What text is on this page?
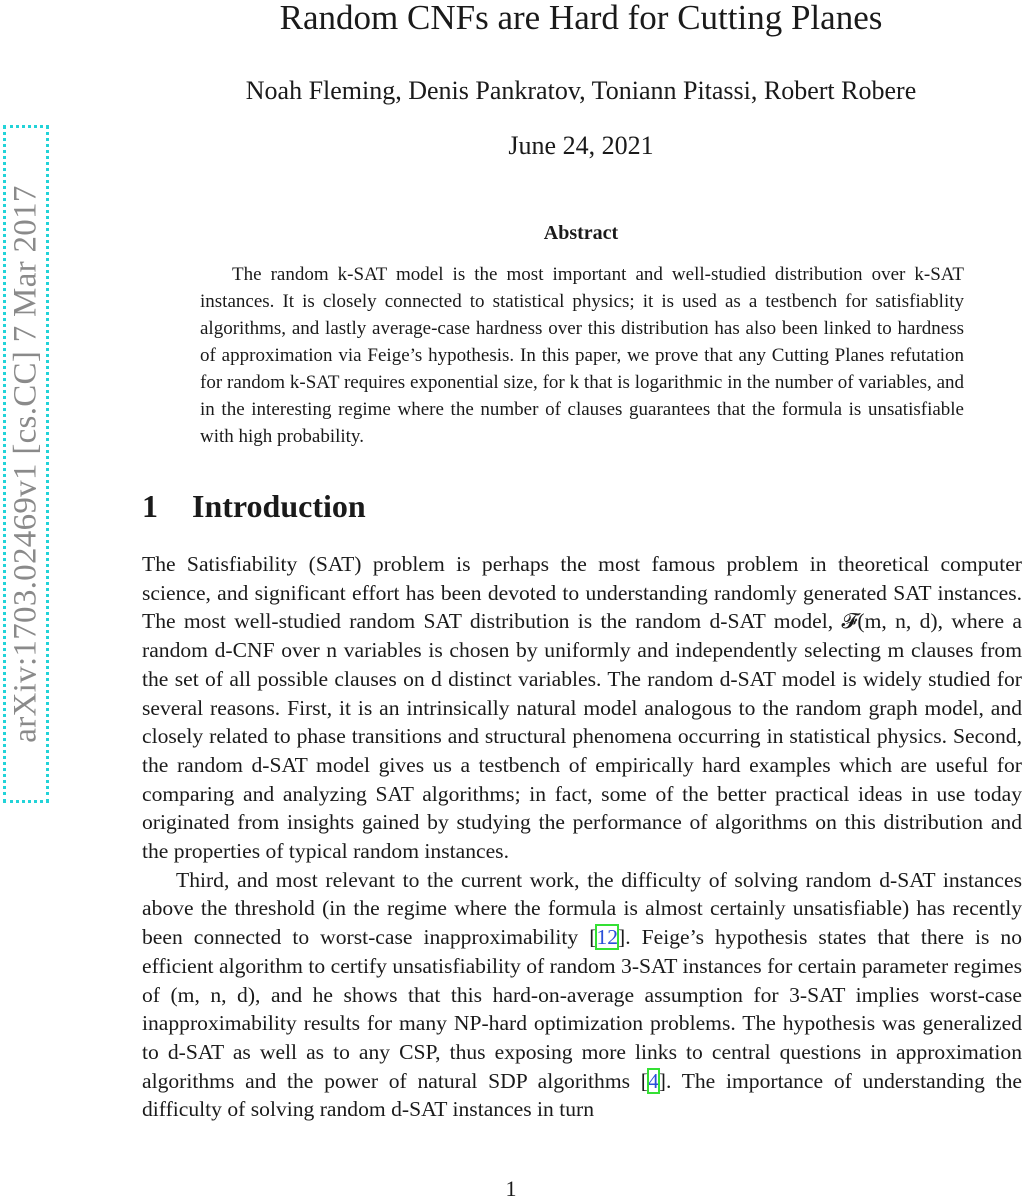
arXiv:1703.02469v1 [cs.CC] 7 Mar 2017
Random CNFs are Hard for Cutting Planes
Noah Fleming, Denis Pankratov, Toniann Pitassi, Robert Robere
June 24, 2021
Abstract

The random k-SAT model is the most important and well-studied distribution over k-SAT instances. It is closely connected to statistical physics; it is used as a testbench for satisfiablity algorithms, and lastly average-case hardness over this distribution has also been linked to hardness of approximation via Feige’s hypothesis. In this paper, we prove that any Cutting Planes refutation for random k-SAT requires exponential size, for k that is logarithmic in the number of variables, and in the interesting regime where the number of clauses guarantees that the formula is unsatisfiable with high probability.

1 Introduction

The Satisfiability (SAT) problem is perhaps the most famous problem in theoretical computer science, and significant effort has been devoted to understanding randomly generated SAT instances. The most well-studied random SAT distribution is the random d-SAT model, 𝓕(m, n, d), where a random d-CNF over n variables is chosen by uniformly and independently selecting m clauses from the set of all possible clauses on d distinct variables. The random d-SAT model is widely studied for several reasons. First, it is an intrinsically natural model analogous to the random graph model, and closely related to phase transitions and structural phenomena occurring in statistical physics. Second, the random d-SAT model gives us a testbench of empirically hard examples which are useful for comparing and analyzing SAT algorithms; in fact, some of the better practical ideas in use today originated from insights gained by studying the performance of algorithms on this distribution and the properties of typical random instances.

Third, and most relevant to the current work, the difficulty of solving random d-SAT instances above the threshold (in the regime where the formula is almost certainly unsatisfiable) has recently been connected to worst-case inapproximability [12]. Feige’s hypothesis states that there is no efficient algorithm to certify unsatisfiability of random 3-SAT instances for certain parameter regimes of (m, n, d), and he shows that this hard-on-average assumption for 3-SAT implies worst-case inapproximability results for many NP-hard optimization problems. The hypothesis was generalized to d-SAT as well as to any CSP, thus exposing more links to central questions in approximation algorithms and the power of natural SDP algorithms [4]. The importance of understanding the difficulty of solving random d-SAT instances in turn

1
